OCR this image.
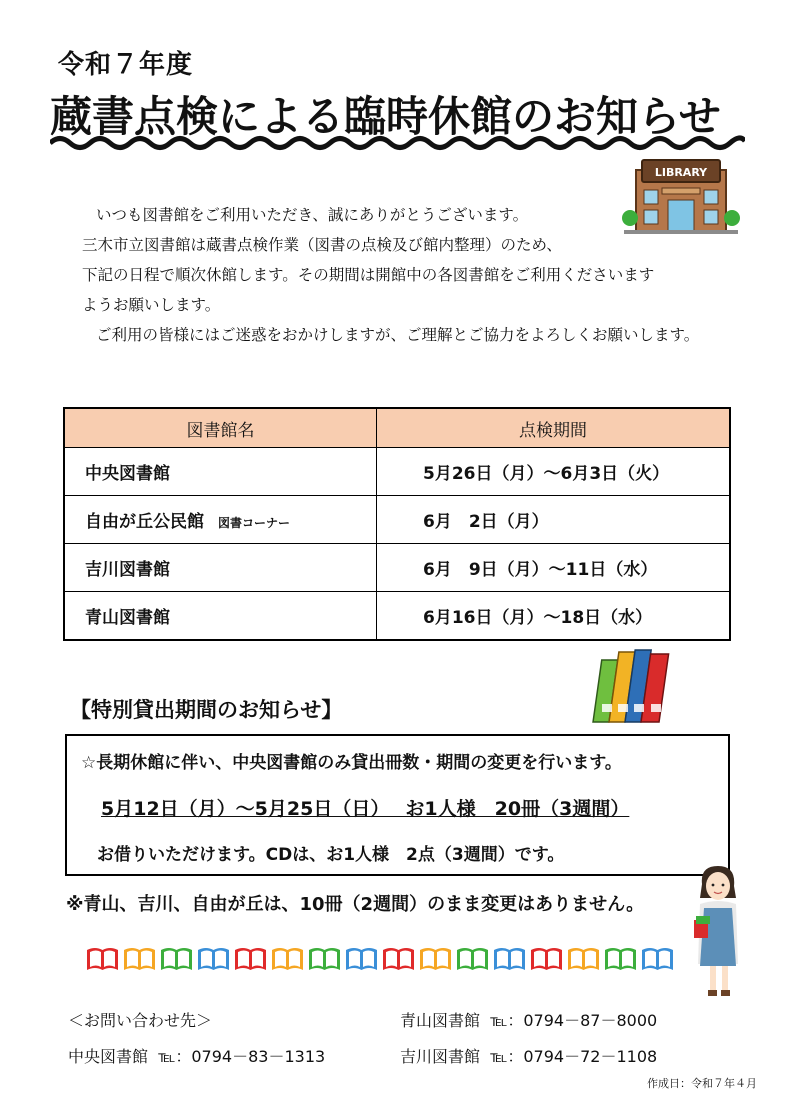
令和７年度
蔵書点検による臨時休館のお知らせ
LIBRARY

いつも図書館をご利用いただき、誠にありがとうございます。

三木市立図書館は蔵書点検作業（図書の点検及び館内整理）のため、

下記の日程で順次休館します。その期間は開館中の各図書館をご利用くださいます

ようお願いします。

ご利用の皆様にはご迷惑をおかけしますが、ご理解とご協力をよろしくお願いします。

図書館名	点検期間
中央図書館	5月26日（月）～6月3日（火）
自由が丘公民館 図書コーナー	6月　2日（月）
吉川図書館	6月　9日（月）～11日（水）
青山図書館	6月16日（月）～18日（水）
【特別貸出期間のお知らせ】
☆長期休館に伴い、中央図書館のみ貸出冊数・期間の変更を行います。
5月12日（月）～5月25日（日）　 お1人様　20冊（3週間）
お借りいただけます。CDは、お1人様　2点（3週間）です。
※青山、吉川、自由が丘は、10冊（2週間）のまま変更はありません。
＜お問い合わせ先＞	青山図書館 ℡：0794－87－8000
中央図書館 ℡：0794－83－1313	吉川図書館 ℡：0794－72－1108
作成日：令和７年４月
